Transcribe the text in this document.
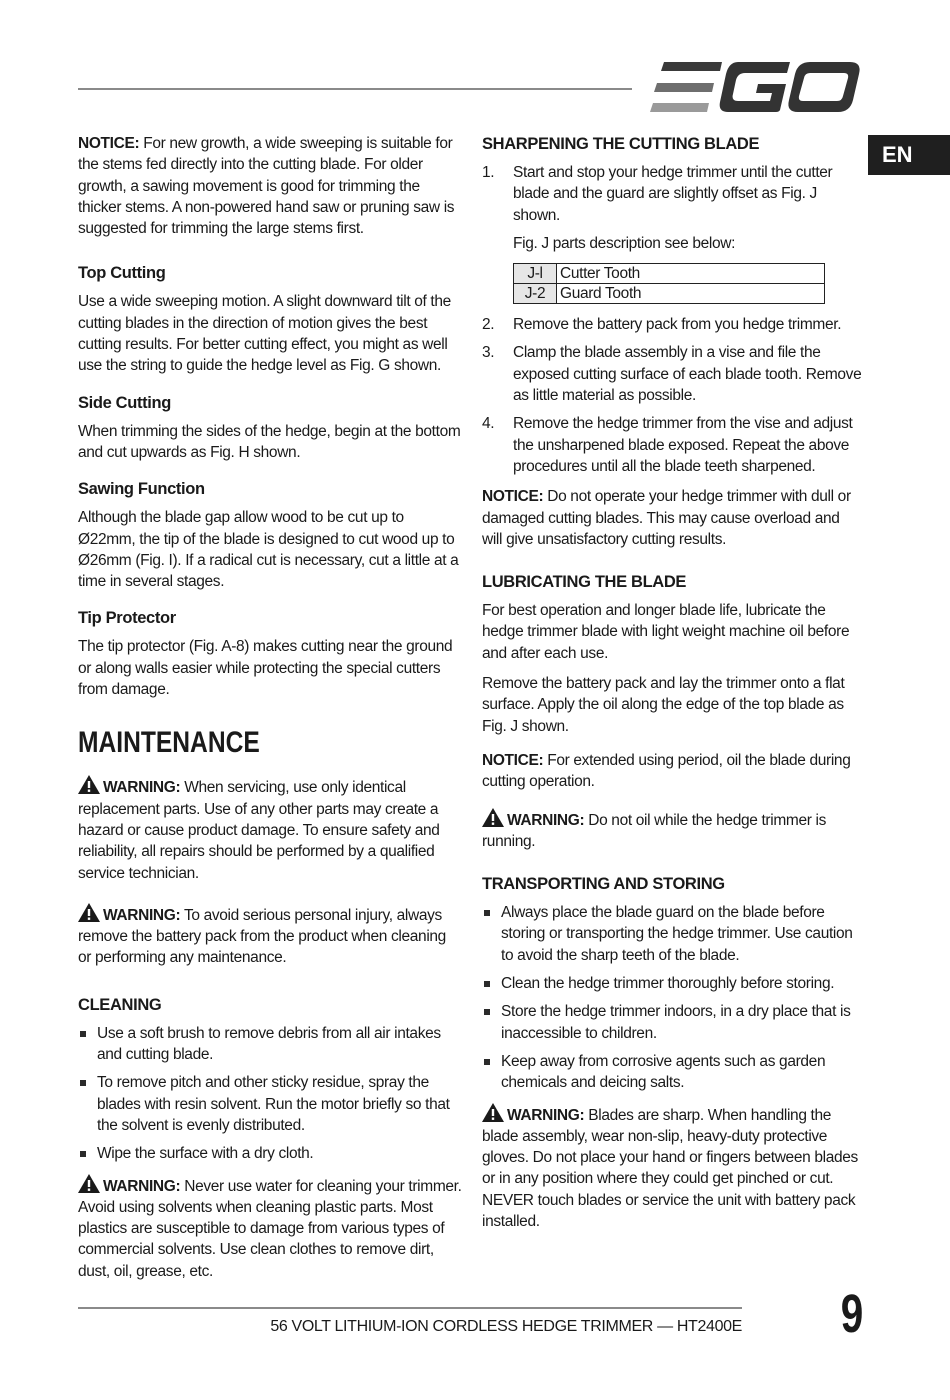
EN

NOTICE: For new growth, a wide sweeping is suitable for the stems fed directly into the cutting blade. For older growth, a sawing movement is good for trimming the thicker stems. A non-powered hand saw or pruning saw is suggested for trimming the large stems first.

Top Cutting

Use a wide sweeping motion. A slight downward tilt of the cutting blades in the direction of motion gives the best cutting results. For better cutting effect, you might as well use the string to guide the hedge level as Fig. G shown.

Side Cutting

When trimming the sides of the hedge, begin at the bottom and cut upwards as Fig. H shown.

Sawing Function

Although the blade gap allow wood to be cut up to Ø22mm, the tip of the blade is designed to cut wood up to Ø26mm (Fig. I). If a radical cut is necessary, cut a little at a time in several stages.

Tip Protector

The tip protector (Fig. A-8) makes cutting near the ground or along walls easier while protecting the special cutters from damage.

MAINTENANCE

WARNING: When servicing, use only identical replacement parts. Use of any other parts may create a hazard or cause product damage. To ensure safety and reliability, all repairs should be performed by a qualified service technician.

WARNING: To avoid serious personal injury, always remove the battery pack from the product when cleaning or performing any maintenance.

CLEANING
Use a soft brush to remove debris from all air intakes and cutting blade.
To remove pitch and other sticky residue, spray the blades with resin solvent. Run the motor briefly so that the solvent is evenly distributed.
Wipe the surface with a dry cloth.

WARNING: Never use water for cleaning your trimmer. Avoid using solvents when cleaning plastic parts. Most plastics are susceptible to damage from various types of commercial solvents. Use clean clothes to remove dirt, dust, oil, grease, etc.

SHARPENING THE CUTTING BLADE
1. Start and stop your hedge trimmer until the cutter blade and the guard are slightly offset as Fig. J shown.
Fig. J parts description see below:
J-l	Cutter Tooth
J-2	Guard Tooth
2. Remove the battery pack from you hedge trimmer.
3. Clamp the blade assembly in a vise and file the exposed cutting surface of each blade tooth. Remove as little material as possible.
4. Remove the hedge trimmer from the vise and adjust the unsharpened blade exposed. Repeat the above procedures until all the blade teeth sharpened.

NOTICE: Do not operate your hedge trimmer with dull or damaged cutting blades. This may cause overload and will give unsatisfactory cutting results.

LUBRICATING THE BLADE

For best operation and longer blade life, lubricate the hedge trimmer blade with light weight machine oil before and after each use.

Remove the battery pack and lay the trimmer onto a flat surface. Apply the oil along the edge of the top blade as Fig. J shown.

NOTICE: For extended using period, oil the blade during cutting operation.

WARNING: Do not oil while the hedge trimmer is running.

TRANSPORTING AND STORING
Always place the blade guard on the blade before storing or transporting the hedge trimmer. Use caution to avoid the sharp teeth of the blade.
Clean the hedge trimmer thoroughly before storing.
Store the hedge trimmer indoors, in a dry place that is inaccessible to children.
Keep away from corrosive agents such as garden chemicals and deicing salts.

WARNING: Blades are sharp. When handling the blade assembly, wear non-slip, heavy-duty protective gloves. Do not place your hand or fingers between blades or in any position where they could get pinched or cut. NEVER touch blades or service the unit with battery pack installed.

56 VOLT LITHIUM-ION CORDLESS HEDGE TRIMMER — HT2400E 9
